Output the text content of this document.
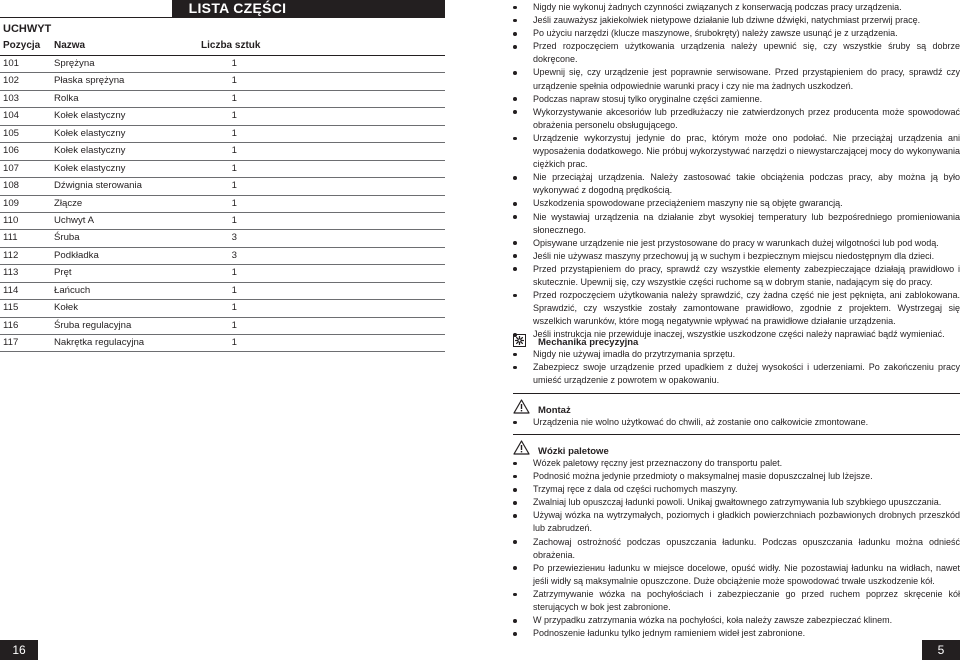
LISTA CZĘŚCI
UCHWYT
Pozycja Nazwa	Liczba sztuk
101	Sprężyna	1
102	Płaska sprężyna	1
103	Rolka	1
104	Kołek elastyczny	1
105	Kołek elastyczny	1
106	Kołek elastyczny	1
107	Kołek elastyczny	1
108	Dźwignia sterowania	1
109	Złącze	1
110	Uchwyt A	1
111	Śruba	3
112	Podkładka	3
113	Pręt	1
114	Łańcuch	1
115	Kołek	1
116	Śruba regulacyjna	1
117	Nakrętka regulacyjna	1
Nigdy nie wykonuj żadnych czynności związanych z konserwacją podczas pracy urządzenia.
Jeśli zauważysz jakiekolwiek nietypowe działanie lub dziwne dźwięki, natychmiast przerwij pracę.
Po użyciu narzędzi (klucze maszynowe, śrubokręty) należy zawsze usunąć je z urządzenia.
Przed rozpoczęciem użytkowania urządzenia należy upewnić się, czy wszystkie śruby są dobrze dokręcone.
Upewnij się, czy urządzenie jest poprawnie serwisowane. Przed przystąpieniem do pracy, sprawdź czy urządzenie spełnia odpowiednie warunki pracy i czy nie ma żadnych uszkodzeń.
Podczas napraw stosuj tylko oryginalne części zamienne.
Wykorzystywanie akcesoriów lub przedłużaczy nie zatwierdzonych przez producenta może spowodować obrażenia personelu obsługującego.
Urządzenie wykorzystuj jedynie do prac, którym może ono podołać. Nie przeciążaj urządzenia ani wyposażenia dodatkowego. Nie próbuj wykorzystywać narzędzi o niewystarczającej mocy do wykonywania ciężkich prac.
Nie przeciążaj urządzenia. Należy zastosować takie obciążenia podczas pracy, aby można ją było wykonywać z dogodną prędkością.
Uszkodzenia spowodowane przeciążeniem maszyny nie są objęte gwarancją.
Nie wystawiaj urządzenia na działanie zbyt wysokiej temperatury lub bezpośredniego promieniowania słonecznego.
Opisywane urządzenie nie jest przystosowane do pracy w warunkach dużej wilgotności lub pod wodą.
Jeśli nie używasz maszyny przechowuj ją w suchym i bezpiecznym miejscu niedostępnym dla dzieci.
Przed przystąpieniem do pracy, sprawdź czy wszystkie elementy zabezpieczające działają prawidłowo i skutecznie. Upewnij się, czy wszystkie części ruchome są w dobrym stanie, nadającym się do pracy.
Przed rozpoczęciem użytkowania należy sprawdzić, czy żadna część nie jest pęknięta, ani zablokowana. Sprawdzić, czy wszystkie zostały zamontowane prawidłowo, zgodnie z projektem. Wystrzegaj się wszelkich warunków, które mogą negatywnie wpływać na prawidłowe działanie urządzenia.
Jeśli instrukcja nie przewiduje inaczej, wszystkie uszkodzone części należy naprawiać bądź wymieniać.
Mechanika precyzyjna
Nigdy nie używaj imadła do przytrzymania sprzętu.
Zabezpiecz swoje urządzenie przed upadkiem z dużej wysokości i uderzeniami. Po zakończeniu pracy umieść urządzenie z powrotem w opakowaniu.
Montaż
Urządzenia nie wolno użytkować do chwili, aż zostanie ono całkowicie zmontowane.
Wózki paletowe
Wózek paletowy ręczny jest przeznaczony do transportu palet.
Podnosić można jedynie przedmioty o maksymalnej masie dopuszczalnej lub lżejsze.
Trzymaj ręce z dala od części ruchomych maszyny.
Zwalniaj lub opuszczaj ładunki powoli. Unikaj gwałtownego zatrzymywania lub szybkiego upuszczania.
Używaj wózka na wytrzymałych, poziomych i gładkich powierzchniach pozbawionych drobnych przeszkód lub zabrudzeń.
Zachowaj ostrożność podczas opuszczania ładunku. Podczas opuszczania ładunku można odnieść obrażenia.
Po przewieziениu ładunku w miejsce docelowe, opuść widły. Nie pozostawiaj ładunku na widłach, nawet jeśli widły są maksymalnie opuszczone. Duże obciążenie może spowodować trwałe uszkodzenie kół.
Zatrzymywanie wózka na pochyłościach i zabezpieczanie go przed ruchem poprzez skręcenie kół sterujących w bok jest zabronione.
W przypadku zatrzymania wózka na pochyłości, koła należy zawsze zabezpieczać klinem.
Podnoszenie ładunku tylko jednym ramieniem wideł jest zabronione.
16	5
